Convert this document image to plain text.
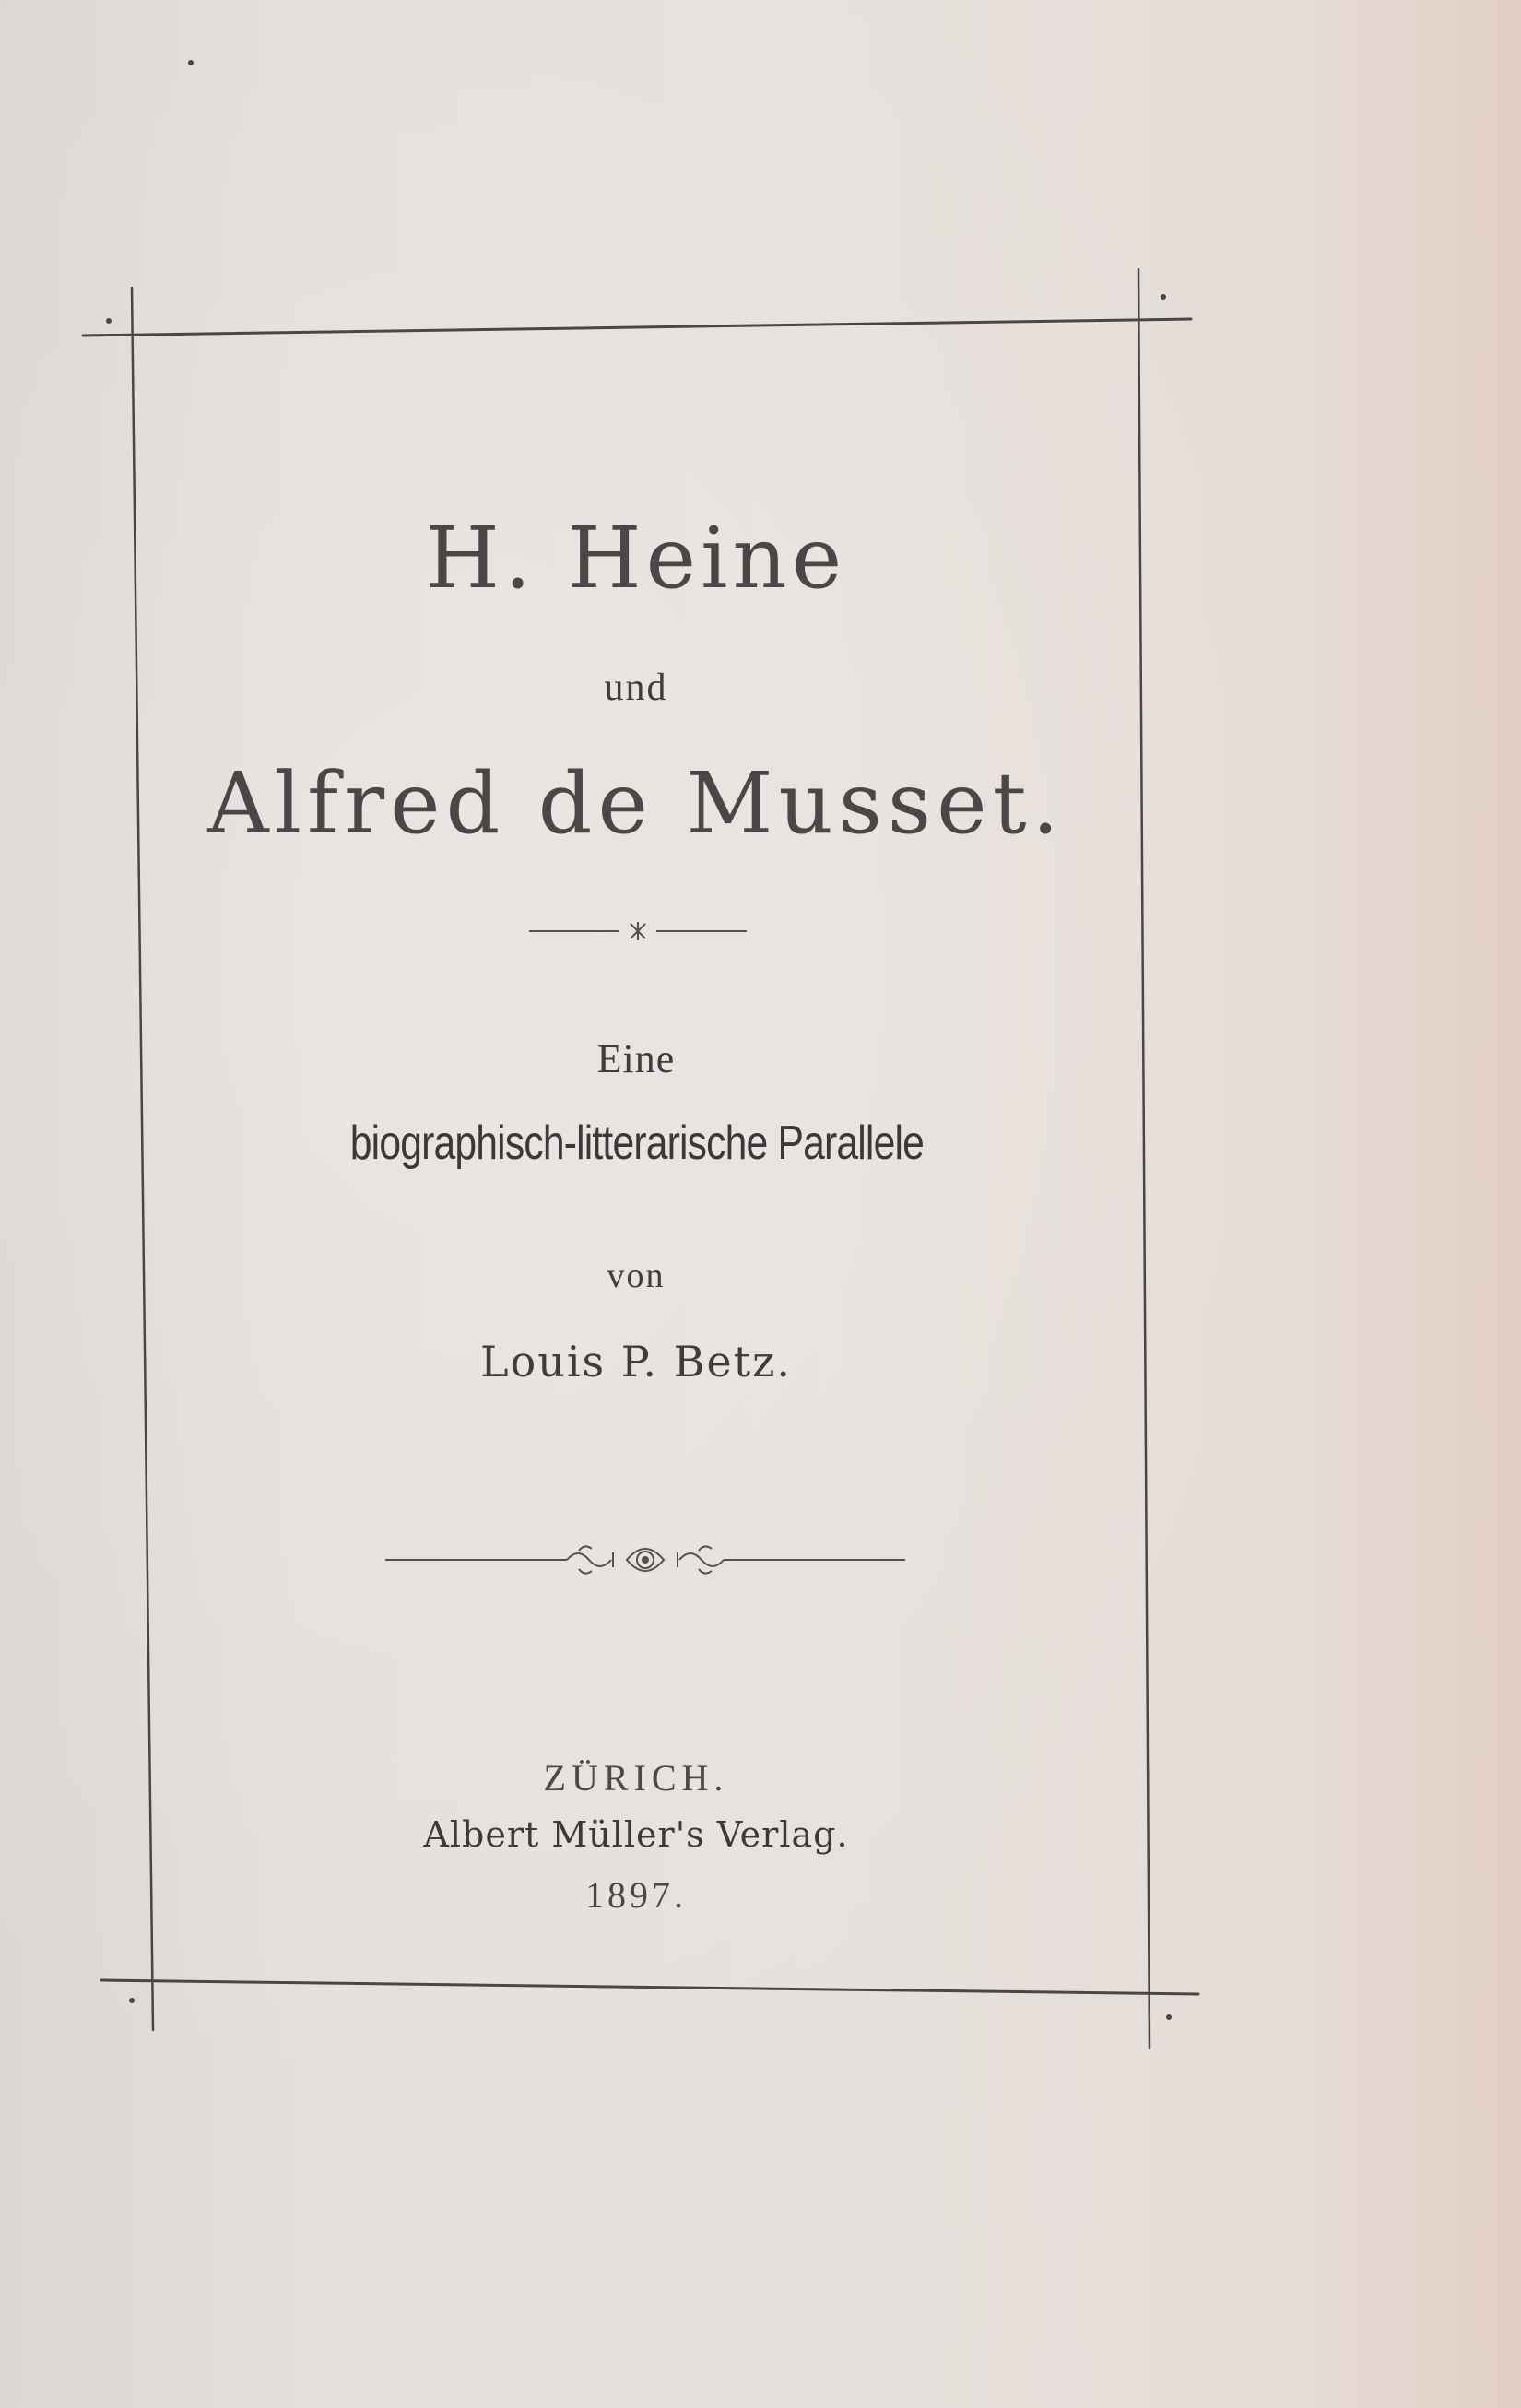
H. Heine
und
Alfred de Musset.
Eine
biographisch-litterarische Parallele
von
Louis P. Betz.
ZÜRICH.
Albert Müller's Verlag.
1897.
